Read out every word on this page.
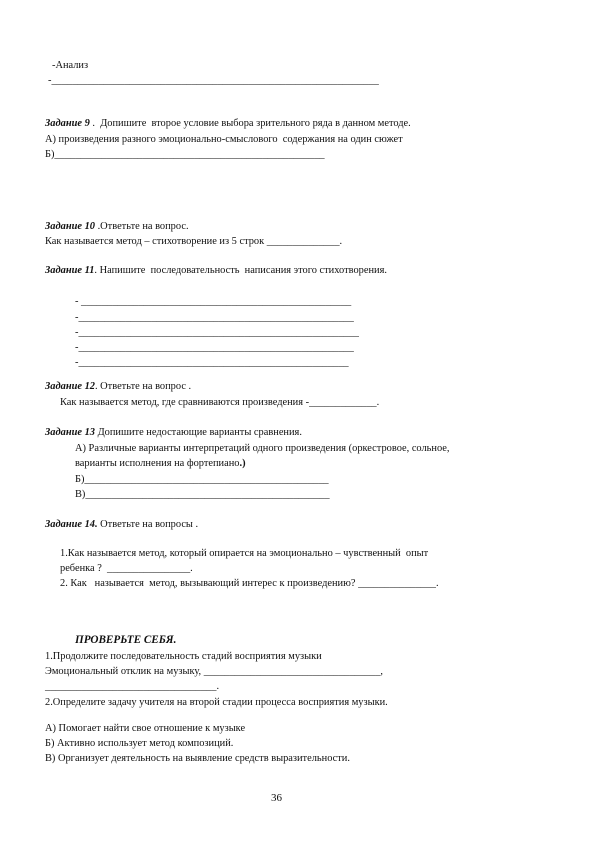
-Анализ
-_______________________________________________________________
Задание 9 .  Допишите  второе условие выбора зрительного ряда в данном методе.
А) произведения разного эмоционально-смыслового  содержания на один сюжет
Б)____________________________________________________
Задание 10 .Ответьте на вопрос.
Как называется метод – стихотворение из 5 строк ______________.
Задание 11. Напишите  последовательность  написания этого стихотворения.
- ____________________________________________________
-_____________________________________________________
-______________________________________________________
-_____________________________________________________
-____________________________________________________
Задание 12. Ответьте на вопрос .
Как называется метод, где сравниваются произведения -_____________.
Задание 13 Допишите недостающие варианты сравнения.
А) Различные варианты интерпретаций одного произведения (оркестровое, сольное,
варианты исполнения на фортепиано.)
Б)_______________________________________________
В)_______________________________________________
Задание 14. Ответьте на вопросы .
1.Как называется метод, который опирается на эмоционально – чувственный  опыт
ребенка ?  ________________.
2. Как   называется  метод, вызывающий интерес к произведению? _______________.
ПРОВЕРЬТЕ СЕБЯ.
1.Продолжите последовательность стадий восприятия музыки
Эмоциональный отклик на музыку, __________________________________,
_________________________________.
2.Определите задачу учителя на второй стадии процесса восприятия музыки.
А) Помогает найти свое отношение к музыке
Б) Активно использует метод композиций.
В) Организует деятельность на выявление средств выразительности.
36
